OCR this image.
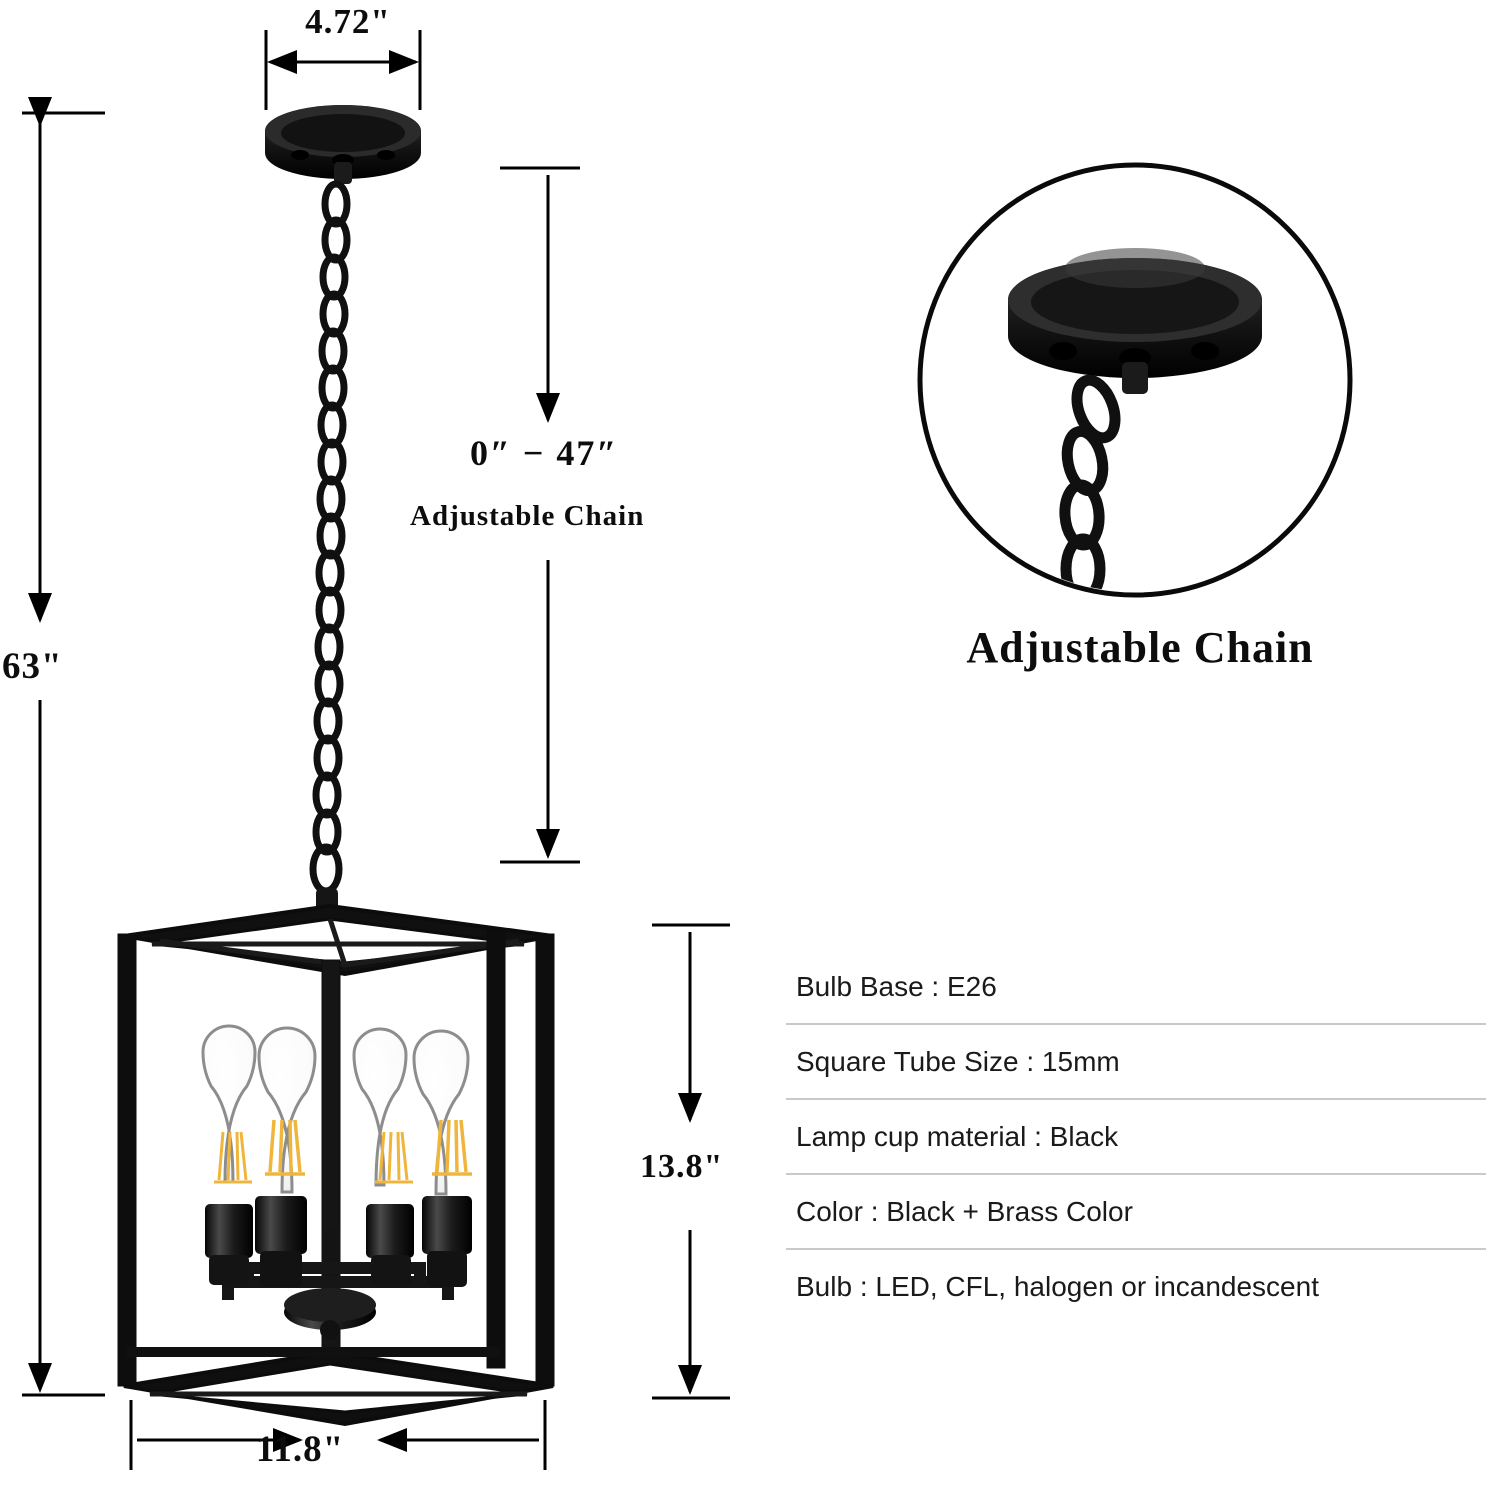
4.72"
63"
11.8"
0″ − 47″
Adjustable Chain
13.8"
Adjustable Chain
Bulb Base : E26
Square Tube Size : 15mm
Lamp cup material : Black
Color : Black + Brass Color
Bulb : LED, CFL, halogen or incandescent
